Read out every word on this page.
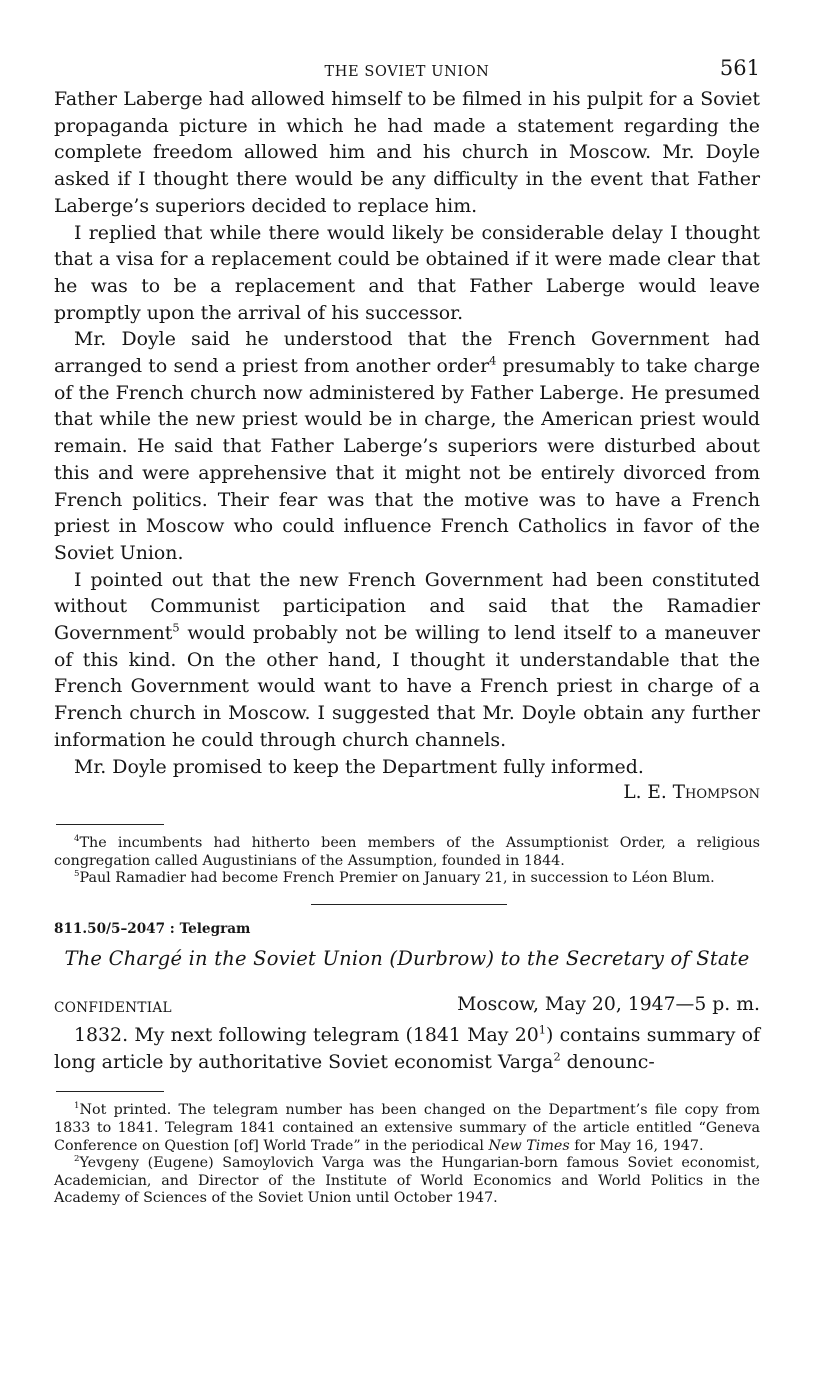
THE SOVIET UNION	561

Father Laberge had allowed himself to be filmed in his pulpit for a Soviet propaganda picture in which he had made a statement regarding the complete freedom allowed him and his church in Moscow. Mr. Doyle asked if I thought there would be any difficulty in the event that Father Laberge’s superiors decided to replace him.

I replied that while there would likely be considerable delay I thought that a visa for a replacement could be obtained if it were made clear that he was to be a replacement and that Father Laberge would leave promptly upon the arrival of his successor.

Mr. Doyle said he understood that the French Government had arranged to send a priest from another order$^4$ presumably to take charge of the French church now administered by Father Laberge. He presumed that while the new priest would be in charge, the American priest would remain. He said that Father Laberge’s superiors were disturbed about this and were apprehensive that it might not be entirely divorced from French politics. Their fear was that the motive was to have a French priest in Moscow who could influence French Catholics in favor of the Soviet Union.

I pointed out that the new French Government had been constituted without Communist participation and said that the Ramadier Government$^5$ would probably not be willing to lend itself to a maneuver of this kind. On the other hand, I thought it understandable that the French Government would want to have a French priest in charge of a French church in Moscow. I suggested that Mr. Doyle obtain any further information he could through church channels.

Mr. Doyle promised to keep the Department fully informed.

L. E. Thompson

$^4$The incumbents had hitherto been members of the Assumptionist Order, a religious congregation called Augustinians of the Assumption, founded in 1844.

$^5$Paul Ramadier had become French Premier on January 21, in succession to Léon Blum.

811.50/5–2047 : Telegram
The Chargé in the Soviet Union (Durbrow) to the Secretary of State
CONFIDENTIAL	Moscow, May 20, 1947—5 p. m.

1832. My next following telegram (1841 May $20^1$) contains summary of long article by authoritative Soviet economist Varga$^2$ denounc-

$^1$Not printed. The telegram number has been changed on the Department’s file copy from 1833 to 1841. Telegram 1841 contained an extensive summary of the article entitled “Geneva Conference on Question [of] World Trade” in the periodical New Times for May 16, 1947.

$^2$Yevgeny (Eugene) Samoylovich Varga was the Hungarian-born famous Soviet economist, Academician, and Director of the Institute of World Economics and World Politics in the Academy of Sciences of the Soviet Union until October 1947.
